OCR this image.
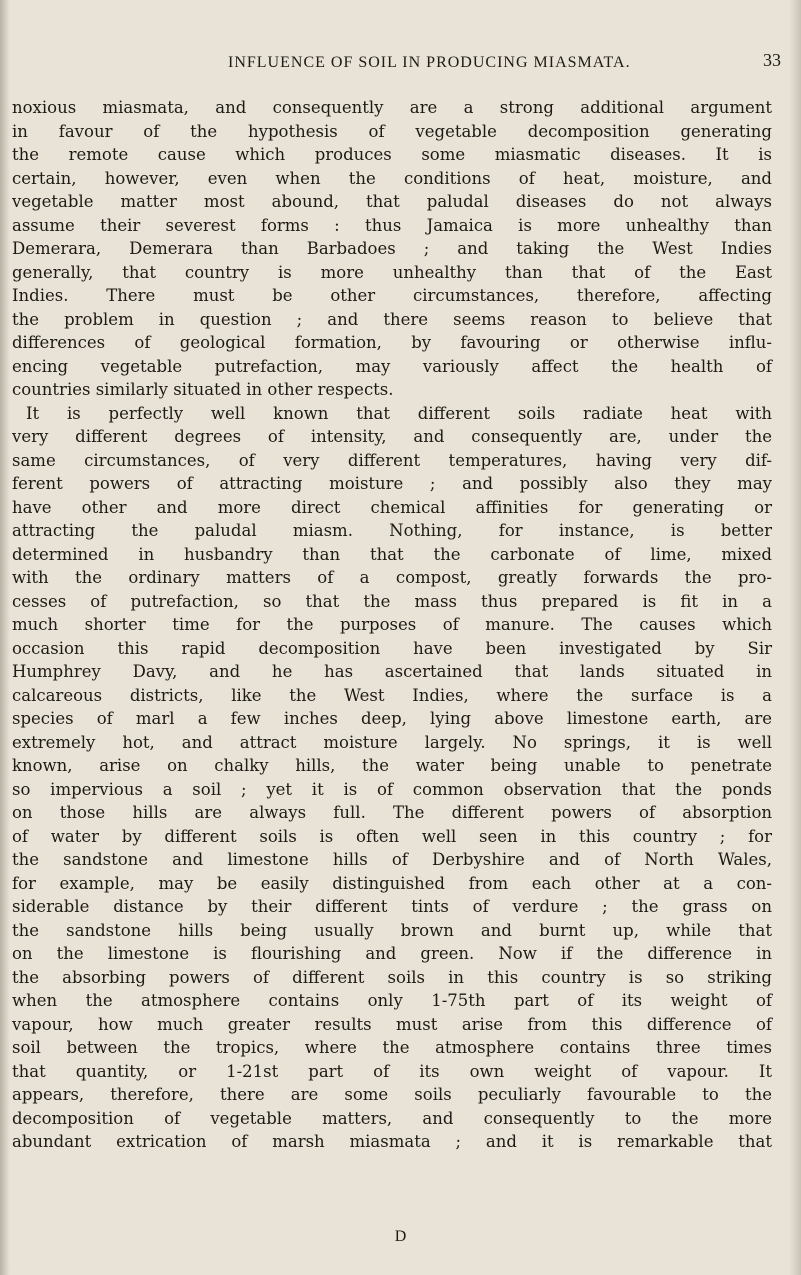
INFLUENCE OF SOIL IN PRODUCING MIASMATA.	33
noxious miasmata, and consequently are a strong additional argument
in favour of the hypothesis of vegetable decomposition generating
the remote cause which produces some miasmatic diseases. It is
certain, however, even when the conditions of heat, moisture, and
vegetable matter most abound, that paludal diseases do not always
assume their severest forms : thus Jamaica is more unhealthy than
Demerara, Demerara than Barbadoes ; and taking the West Indies
generally, that country is more unhealthy than that of the East
Indies. There must be other circumstances, therefore, affecting
the problem in question ; and there seems reason to believe that
differences of geological formation, by favouring or otherwise influ-
encing vegetable putrefaction, may variously affect the health of
countries similarly situated in other respects.
It is perfectly well known that different soils radiate heat with
very different degrees of intensity, and consequently are, under the
same circumstances, of very different temperatures, having very dif-
ferent powers of attracting moisture ; and possibly also they may
have other and more direct chemical affinities for generating or
attracting the paludal miasm. Nothing, for instance, is better
determined in husbandry than that the carbonate of lime, mixed
with the ordinary matters of a compost, greatly forwards the pro-
cesses of putrefaction, so that the mass thus prepared is fit in a
much shorter time for the purposes of manure. The causes which
occasion this rapid decomposition have been investigated by Sir
Humphrey Davy, and he has ascertained that lands situated in
calcareous districts, like the West Indies, where the surface is a
species of marl a few inches deep, lying above limestone earth, are
extremely hot, and attract moisture largely. No springs, it is well
known, arise on chalky hills, the water being unable to penetrate
so impervious a soil ; yet it is of common observation that the ponds
on those hills are always full. The different powers of absorption
of water by different soils is often well seen in this country ; for
the sandstone and limestone hills of Derbyshire and of North Wales,
for example, may be easily distinguished from each other at a con-
siderable distance by their different tints of verdure ; the grass on
the sandstone hills being usually brown and burnt up, while that
on the limestone is flourishing and green. Now if the difference in
the absorbing powers of different soils in this country is so striking
when the atmosphere contains only 1-75th part of its weight of
vapour, how much greater results must arise from this difference of
soil between the tropics, where the atmosphere contains three times
that quantity, or 1-21st part of its own weight of vapour. It
appears, therefore, there are some soils peculiarly favourable to the
decomposition of vegetable matters, and consequently to the more
abundant extrication of marsh miasmata ; and it is remarkable that
D
